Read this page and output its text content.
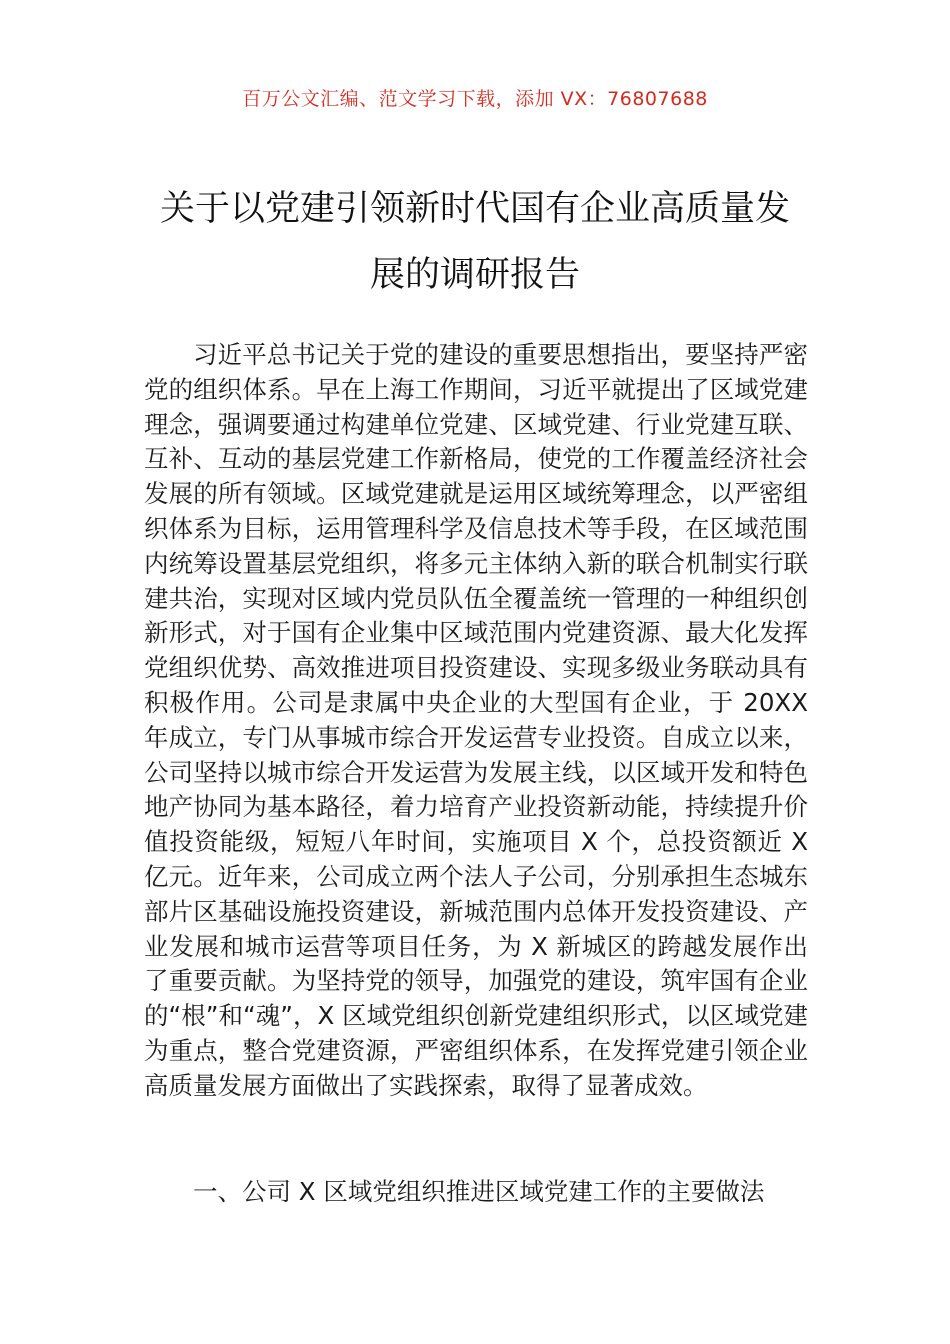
百万公文汇编、范文学习下载，添加 VX：76807688
关于以党建引领新时代国有企业高质量发展的调研报告

习近平总书记关于党的建设的重要思想指出，要坚持严密党的组织体系。早在上海工作期间，习近平就提出了区域党建理念，强调要通过构建单位党建、区域党建、行业党建互联、互补、互动的基层党建工作新格局，使党的工作覆盖经济社会发展的所有领域。区域党建就是运用区域统筹理念，以严密组织体系为目标，运用管理科学及信息技术等手段，在区域范围内统筹设置基层党组织，将多元主体纳入新的联合机制实行联建共治，实现对区域内党员队伍全覆盖统一管理的一种组织创新形式，对于国有企业集中区域范围内党建资源、最大化发挥党组织优势、高效推进项目投资建设、实现多级业务联动具有积极作用。公司是隶属中央企业的大型国有企业，于 20XX 年成立，专门从事城市综合开发运营专业投资。自成立以来，公司坚持以城市综合开发运营为发展主线，以区域开发和特色地产协同为基本路径，着力培育产业投资新动能，持续提升价值投资能级，短短八年时间，实施项目 X 个，总投资额近 X 亿元。近年来，公司成立两个法人子公司，分别承担生态城东部片区基础设施投资建设，新城范围内总体开发投资建设、产业发展和城市运营等项目任务，为 X 新城区的跨越发展作出了重要贡献。为坚持党的领导，加强党的建设，筑牢国有企业的“根”和“魂”，X 区域党组织创新党建组织形式，以区域党建为重点，整合党建资源，严密组织体系，在发挥党建引领企业高质量发展方面做出了实践探索，取得了显著成效。

一、公司 X 区域党组织推进区域党建工作的主要做法
